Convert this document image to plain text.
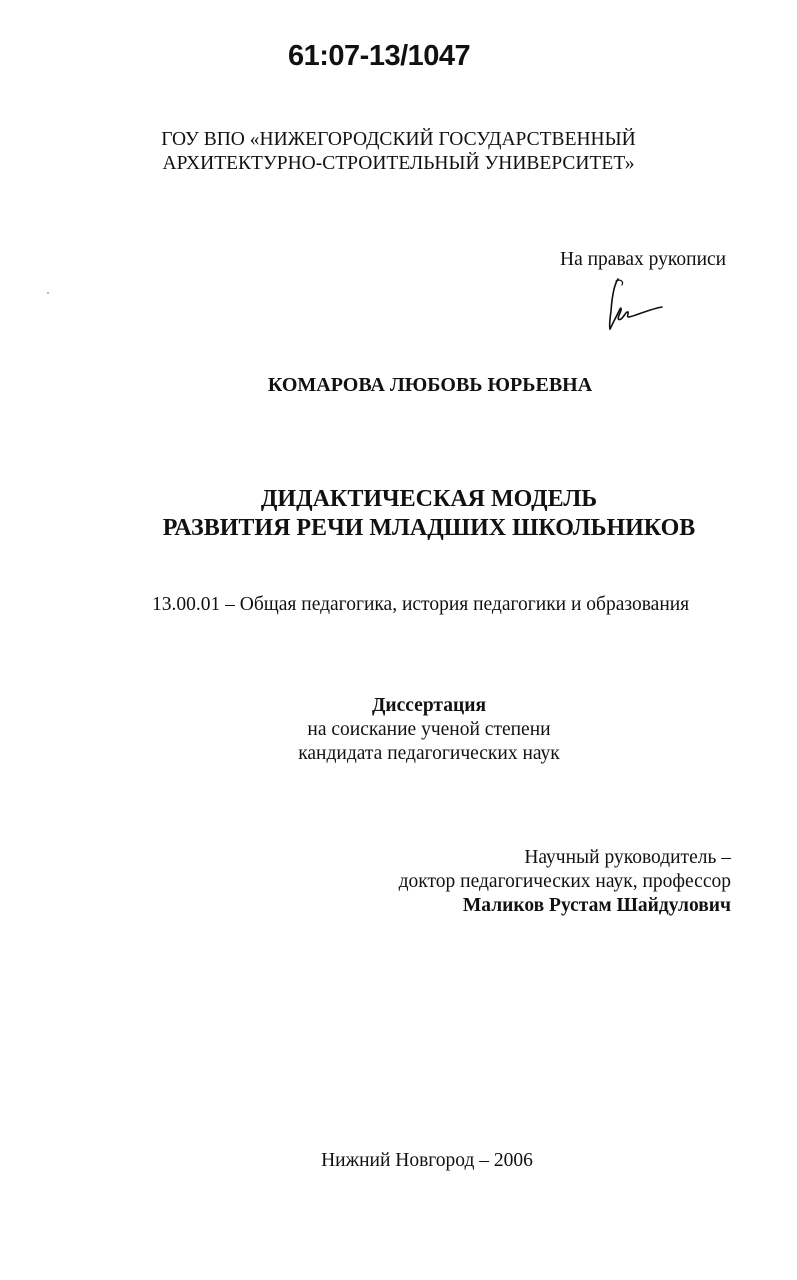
61:07-13/1047
ГОУ ВПО «НИЖЕГОРОДСКИЙ ГОСУДАРСТВЕННЫЙ
АРХИТЕКТУРНО-СТРОИТЕЛЬНЫЙ УНИВЕРСИТЕТ»
На правах рукописи
КОМАРОВА ЛЮБОВЬ ЮРЬЕВНА
ДИДАКТИЧЕСКАЯ МОДЕЛЬ
РАЗВИТИЯ РЕЧИ МЛАДШИХ ШКОЛЬНИКОВ
13.00.01 – Общая педагогика, история педагогики и образования
Диссертация
на соискание ученой степени
кандидата педагогических наук
Научный руководитель –
доктор педагогических наук, профессор
Маликов Рустам Шайдулович
Нижний Новгород – 2006
